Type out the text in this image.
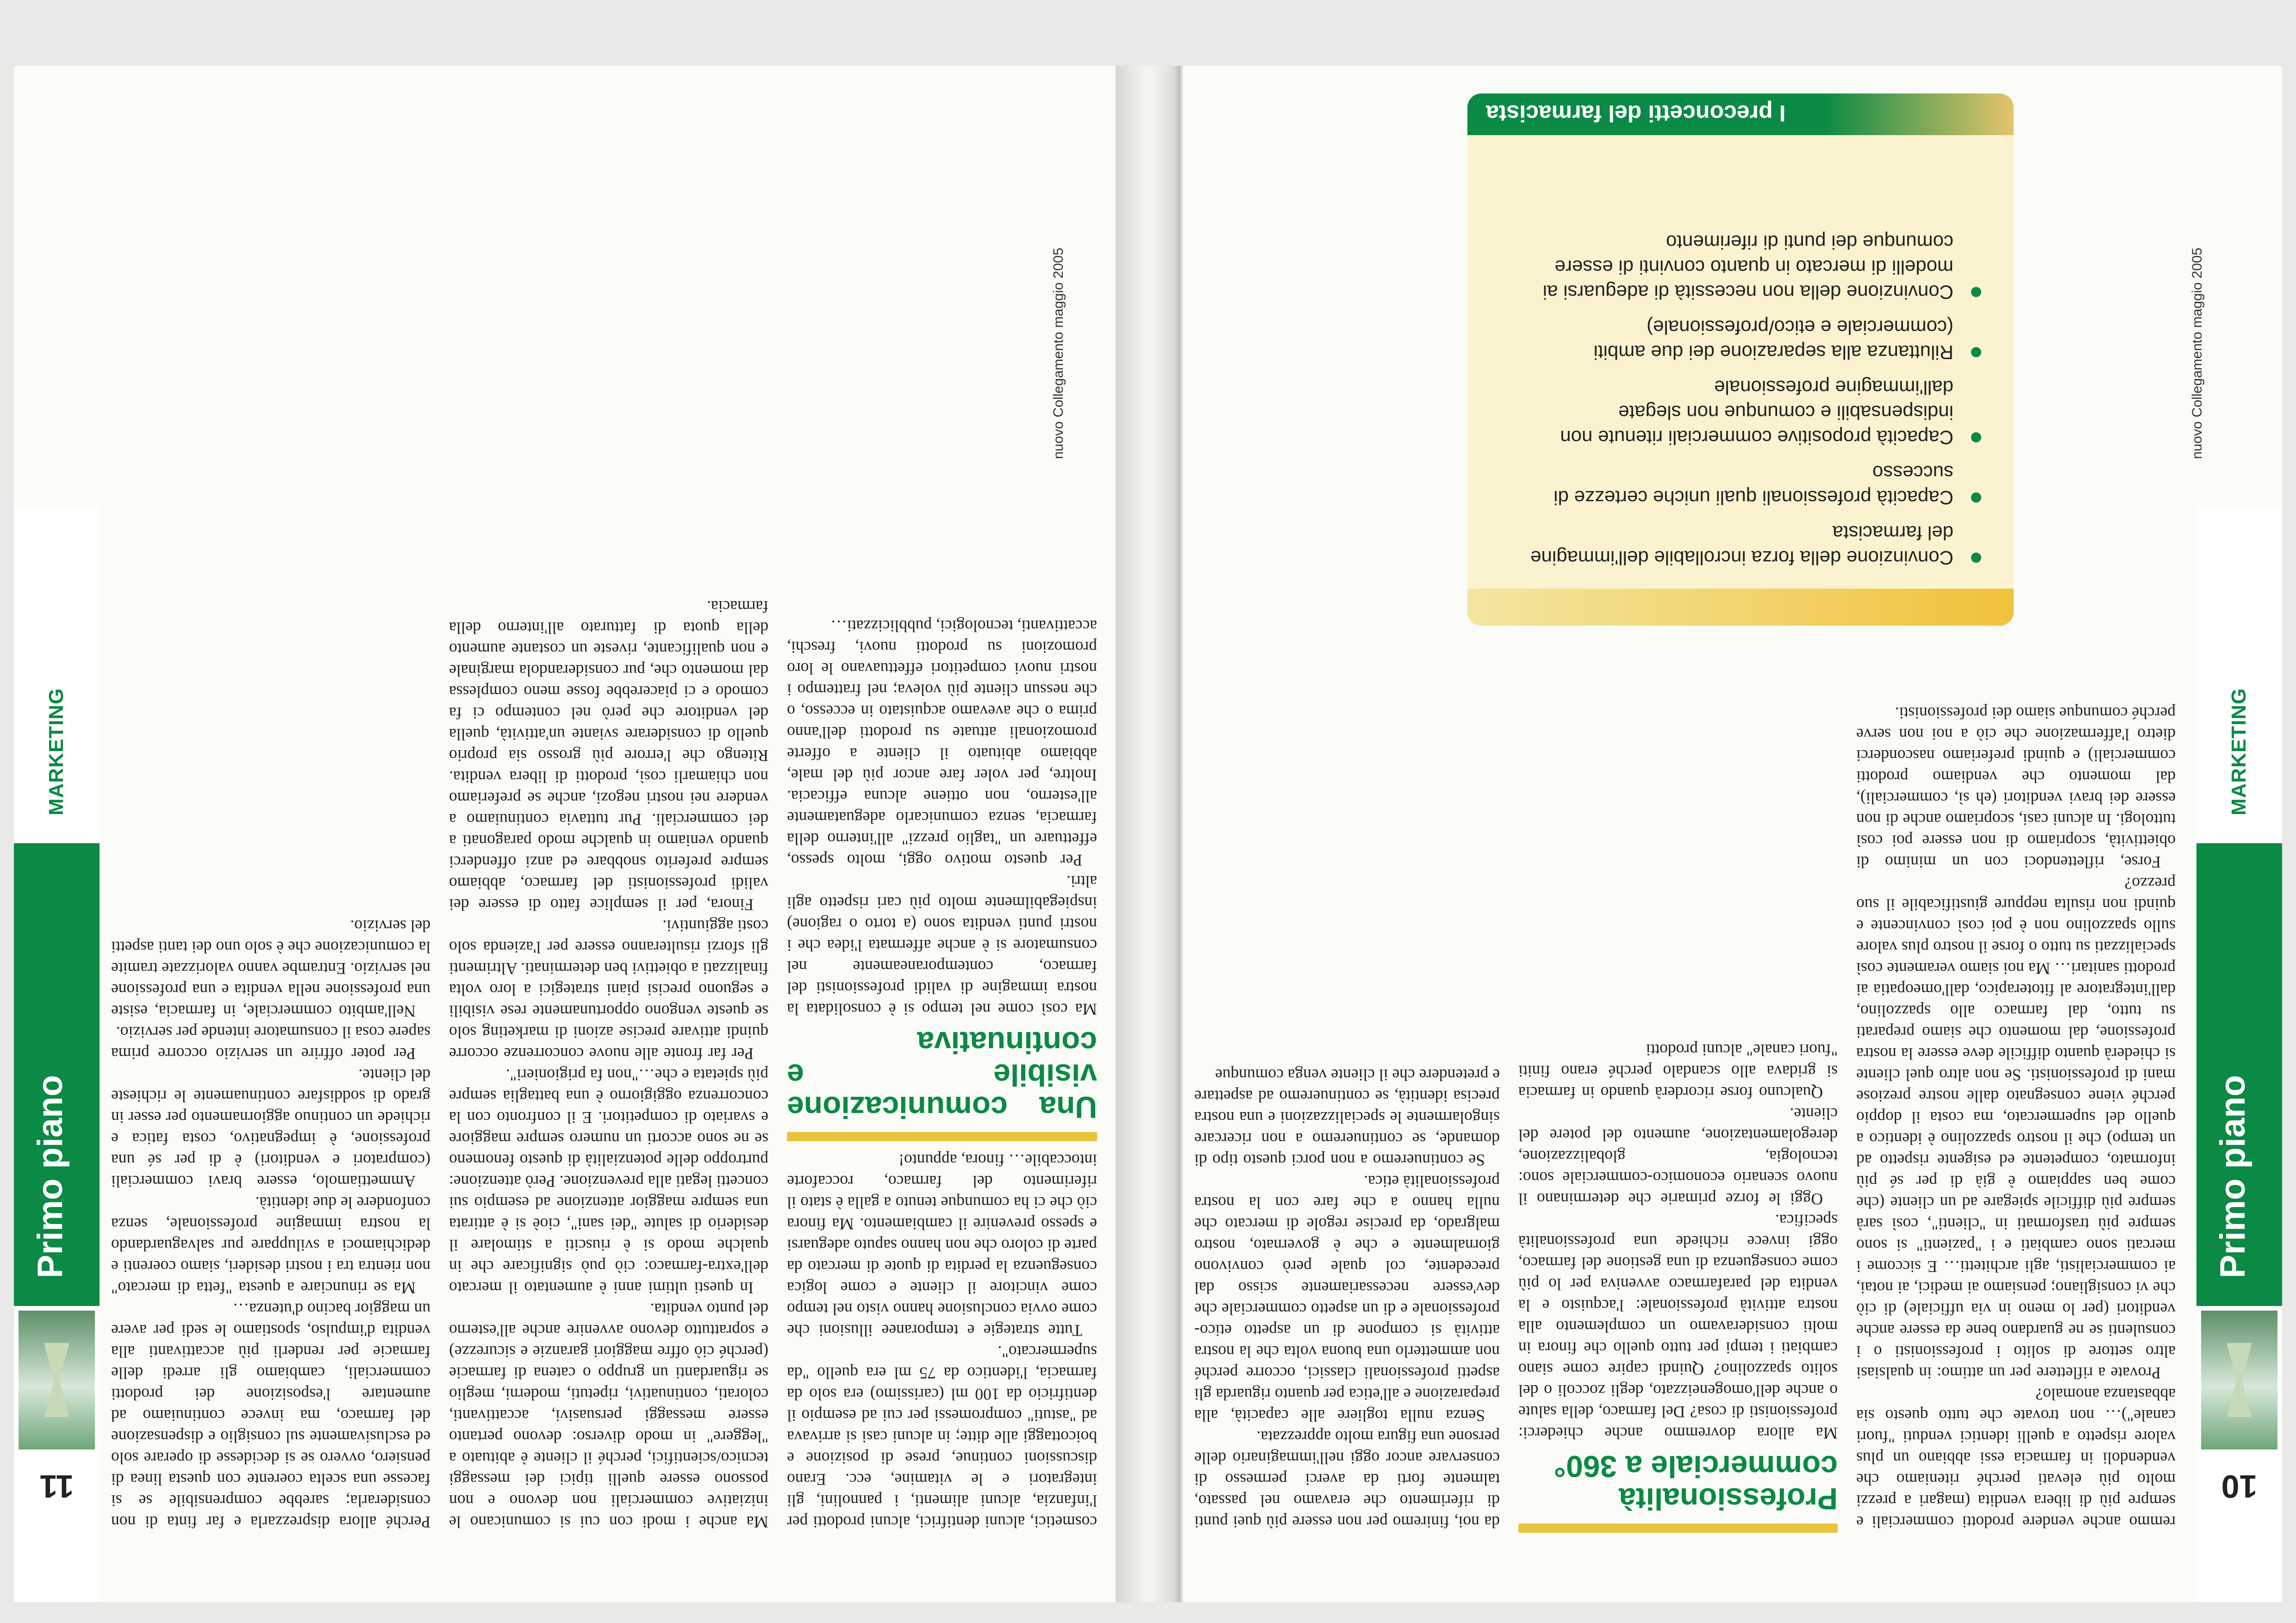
10
Primo piano
MARKETING
nuovo Collegamento maggio 2005

remmo anche vendere prodotti commerciali e sempre più di libera vendita (magari a prezzi molto più elevati perché riteniamo che vendendoli in farmacia essi abbiano un plus valore rispetto a quelli identici venduti "fuori canale")… non trovate che tutto questo sia abbastanza anomalo?

Provate a riflettere per un attimo: in qualsiasi altro settore di solito i professionisti o i consulenti se ne guardano bene da essere anche venditori (per lo meno in via ufficiale) di ciò che vi consigliano; pensiamo ai medici, ai notai, ai commercialisti, agli architetti… E siccome i mercati sono cambiati e i "pazienti" si sono sempre più trasformati in "clienti", così sarà sempre più difficile spiegare ad un cliente (che come ben sappiamo è già di per sé più informato, competente ed esigente rispetto ad un tempo) che il nostro spazzolino è identico a quello del supermercato, ma costa il doppio perché viene consegnato dalle nostre preziose mani di professionisti. Se non altro quel cliente si chiederà quanto difficile deve essere la nostra professione, dal momento che siamo preparati su tutto, dal farmaco allo spazzolino, dall'integratore al fitoterapico, dall'omeopatia ai prodotti sanitari… Ma noi siamo veramente così specializzati su tutto o forse il nostro plus valore sullo spazzolino non è poi così convincente e quindi non risulta neppure giustificabile il suo prezzo?

Forse, riflettendoci con un minimo di obiettività, scopriamo di non essere poi così tuttologi. In alcuni casi, scopriamo anche di non essere dei bravi venditori (eh sì, commerciali), dal momento che vendiamo prodotti commerciali) e quindi preferiamo nasconderci dietro l'affermazione che ciò a noi non serve perché comunque siamo dei professionisti.

Professionalità commerciale a 360°

Ma allora dovremmo anche chiederci: professionisti di cosa? Del farmaco, della salute o anche dell'omogeneizzato, degli zoccoli o del solito spazzolino? Quindi capire come siano cambiati i tempi per tutto quello che finora in molti consideravamo un complemento alla nostra attività professionale: l'acquisto e la vendita del parafarmaco avveniva per lo più come conseguenza di una gestione del farmaco, oggi invece richiede una professionalità specifica.

Oggi le forze primarie che determinano il nuovo scenario economico-commerciale sono: tecnologia, globalizzazione, deregolamentazione, aumento del potere del cliente.

Qualcuno forse ricorderà quando in farmacia si gridava allo scandalo perché erano finiti "fuori canale" alcuni prodotti

da noi, finiremo per non essere più quei punti di riferimento che eravamo nel passato, talmente forti da averci permesso di conservare ancor oggi nell'immaginario delle persone una figura molto apprezzata.

Senza nulla togliere alle capacità, alla preparazione e all'etica per quanto riguarda gli aspetti professionali classici, occorre perché non ammetterlo una buona volta che la nostra attività si compone di un aspetto etico-professionale e di un aspetto commerciale che dev'essere necessariamente scisso dal precedente, col quale però convivono giornalmente e che è governato, nostro malgrado, da precise regole di mercato che nulla hanno a che fare con la nostra professionalità etica.

Se continueremo a non porci questo tipo di domande, se continueremo a non ricercare singolarmente le specializzazioni e una nostra precisa identità, se continueremo ad aspettare e pretendere che il cliente venga comunque

Convinzione della forza incrollabile dell'immagine del farmacista
Capacità professionali quali uniche certezze di successo
Capacità propositive commerciali ritenute non indispensabili e comunque non slegate dall'immagine professionale
Riluttanza alla separazione dei due ambiti (commerciale e etico/professionale)
Convinzione della non necessità di adeguarsi ai modelli di mercato in quanto convinti di essere comunque dei punti di riferimento
I preconcetti del farmacista
11
Primo piano
MARKETING
nuovo Collegamento maggio 2005

cosmetici, alcuni dentifrici, alcuni prodotti per l'infanzia, alcuni alimenti, i pannolini, gli integratori e le vitamine, ecc. Erano discussioni continue, prese di posizione e boicottaggi alle ditte; in alcuni casi si arrivava ad "astuti" compromessi per cui ad esempio il dentifricio da 100 ml (carissimo) era solo da farmacia, l'identico da 75 ml era quello "da supermercato".

Tutte strategie e temporanee illusioni che come ovvia conclusione hanno visto nel tempo come vincitore il cliente e come logica conseguenza la perdita di quote di mercato da parte di coloro che non hanno saputo adeguarsi e spesso prevenire il cambiamento. Ma finora ciò che ci ha comunque tenuto a galla è stato il riferimento del farmaco, roccaforte intoccabile… finora, appunto!

Una comunicazione visibile e continuativa

Ma così come nel tempo si è consolidata la nostra immagine di validi professionisti del farmaco, contemporaneamente nel consumatore si è anche affermata l'idea che i nostri punti vendita sono (a torto o ragione) inspiegabilmente molto più cari rispetto agli altri.

Per questo motivo oggi, molto spesso, effettuare un "taglio prezzi" all'interno della farmacia, senza comunicarlo adeguatamente all'esterno, non ottiene alcuna efficacia. Inoltre, per voler fare ancor più del male, abbiamo abituato il cliente a offerte promozionali attuate su prodotti dell'anno prima o che avevamo acquistato in eccesso, o che nessun cliente più voleva; nel frattempo i nostri nuovi competitori effettuavano le loro promozioni su prodotti nuovi, freschi, accattivanti, tecnologici, pubblicizzati…

Ma anche i modi con cui si comunicano le iniziative commerciali non devono e non possono essere quelli tipici dei messaggi tecnico/scientifici, perché il cliente è abituato a "leggere" in modo diverso: devono pertanto essere messaggi persuasivi, accattivanti, colorati, continuativi, ripetuti, moderni, meglio se riguardanti un gruppo o catena di farmacie (perché ciò offre maggiori garanzie e sicurezze) e soprattutto devono avvenire anche all'esterno del punto vendita.

In questi ultimi anni è aumentato il mercato dell'extra-farmaco: ciò può significare che in qualche modo si è riusciti a stimolare il desiderio di salute "dei sani", cioè si è attirata una sempre maggior attenzione ad esempio sui concetti legati alla prevenzione. Però attenzione: purtroppo delle potenzialità di questo fenomeno se ne sono accorti un numero sempre maggiore e svariato di competitori. E il confronto con la concorrenza oggigiorno è una battaglia sempre più spietata e che…"non fa prigionieri".

Per far fronte alle nuove concorrenze occorre quindi attivare precise azioni di marketing solo se queste vengono opportunamente rese visibili e seguono precisi piani strategici a loro volta finalizzati a obiettivi ben determinati. Altrimenti gli sforzi risulteranno essere per l'azienda solo costi aggiuntivi.

Finora, per il semplice fatto di essere dei validi professionisti del farmaco, abbiamo sempre preferito snobbare ed anzi offenderci quando veniamo in qualche modo paragonati a dei commerciali. Pur tuttavia continuiamo a vendere nei nostri negozi, anche se preferiamo non chiamarli così, prodotti di libera vendita. Ritengo che l'errore più grosso sia proprio quello di considerare sviante un'attività, quella del venditore che però nel contempo ci fa comodo e ci piacerebbe fosse meno complessa dal momento che, pur considerandola marginale e non qualificante, riveste un costante aumento della quota di fatturato all'interno della farmacia.

Perché allora disprezzarla e far finta di non considerarla; sarebbe comprensibile se si facesse una scelta coerente con questa linea di pensiero, ovvero se si decidesse di operare solo ed esclusivamente sul consiglio e dispensazione del farmaco, ma invece continuiamo ad aumentare l'esposizione dei prodotti commerciali, cambiamo gli arredi delle farmacie per renderli più accattivanti alla vendita d'impulso, spostiamo le sedi per avere un maggior bacino d'utenza…

Ma se rinunciare a questa "fetta di mercato" non rientra tra i nostri desideri, siamo coerenti e dedichiamoci a sviluppare pur salvaguardando la nostra immagine professionale, senza confondere le due identità.

Ammettiamolo, essere bravi commerciali (compratori e venditori) è di per sé una professione, è impegnativo, costa fatica e richiede un continuo aggiornamento per esser in grado di soddisfare continuamente le richieste del cliente.

Per poter offrire un servizio occorre prima sapere cosa il consumatore intende per servizio.

Nell'ambito commerciale, in farmacia, esiste una professione nella vendita e una professione nel servizio. Entrambe vanno valorizzate tramite la comunicazione che è solo uno dei tanti aspetti del servizio.
